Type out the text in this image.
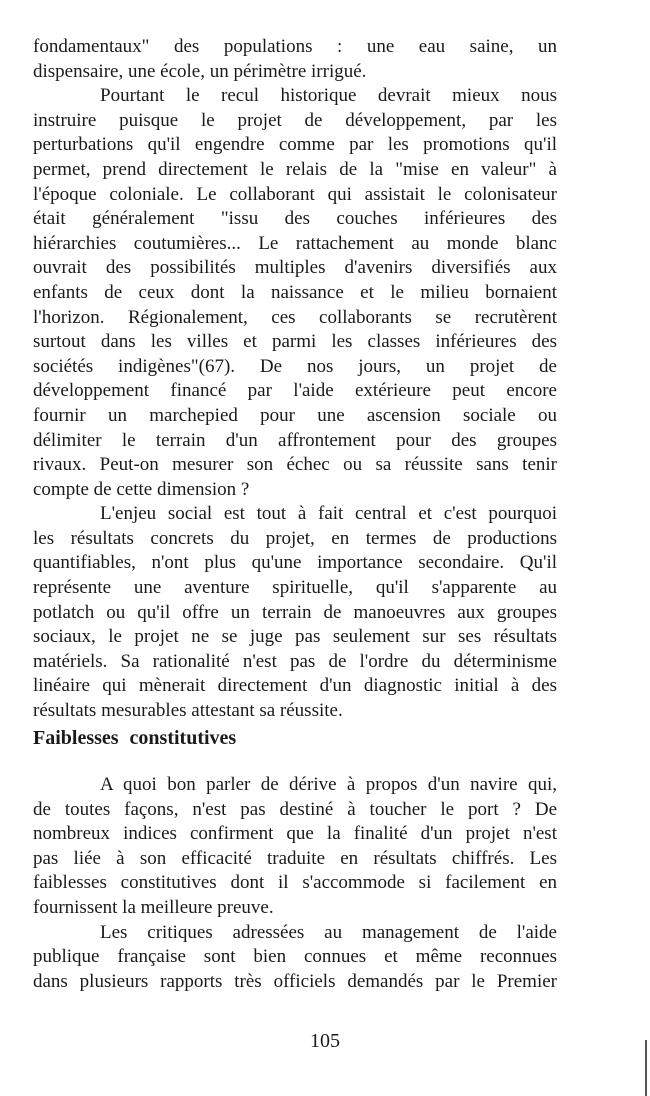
fondamentaux" des populations : une eau saine, un
dispensaire, une école, un périmètre irrigué.
Pourtant le recul historique devrait mieux nous
instruire puisque le projet de développement, par les
perturbations qu'il engendre comme par les promotions qu'il
permet, prend directement le relais de la "mise en valeur" à
l'époque coloniale. Le collaborant qui assistait le colonisateur
était généralement "issu des couches inférieures des
hiérarchies coutumières... Le rattachement au monde blanc
ouvrait des possibilités multiples d'avenirs diversifiés aux
enfants de ceux dont la naissance et le milieu bornaient
l'horizon. Régionalement, ces collaborants se recrutèrent
surtout dans les villes et parmi les classes inférieures des
sociétés indigènes"(67). De nos jours, un projet de
développement financé par l'aide extérieure peut encore
fournir un marchepied pour une ascension sociale ou
délimiter le terrain d'un affrontement pour des groupes
rivaux. Peut-on mesurer son échec ou sa réussite sans tenir
compte de cette dimension ?
L'enjeu social est tout à fait central et c'est pourquoi
les résultats concrets du projet, en termes de productions
quantifiables, n'ont plus qu'une importance secondaire. Qu'il
représente une aventure spirituelle, qu'il s'apparente au
potlatch ou qu'il offre un terrain de manoeuvres aux groupes
sociaux, le projet ne se juge pas seulement sur ses résultats
matériels. Sa rationalité n'est pas de l'ordre du déterminisme
linéaire qui mènerait directement d'un diagnostic initial à des
résultats mesurables attestant sa réussite.
Faiblesses constitutives
A quoi bon parler de dérive à propos d'un navire qui,
de toutes façons, n'est pas destiné à toucher le port ? De
nombreux indices confirment que la finalité d'un projet n'est
pas liée à son efficacité traduite en résultats chiffrés. Les
faiblesses constitutives dont il s'accommode si facilement en
fournissent la meilleure preuve.
Les critiques adressées au management de l'aide
publique française sont bien connues et même reconnues
dans plusieurs rapports très officiels demandés par le Premier
105
